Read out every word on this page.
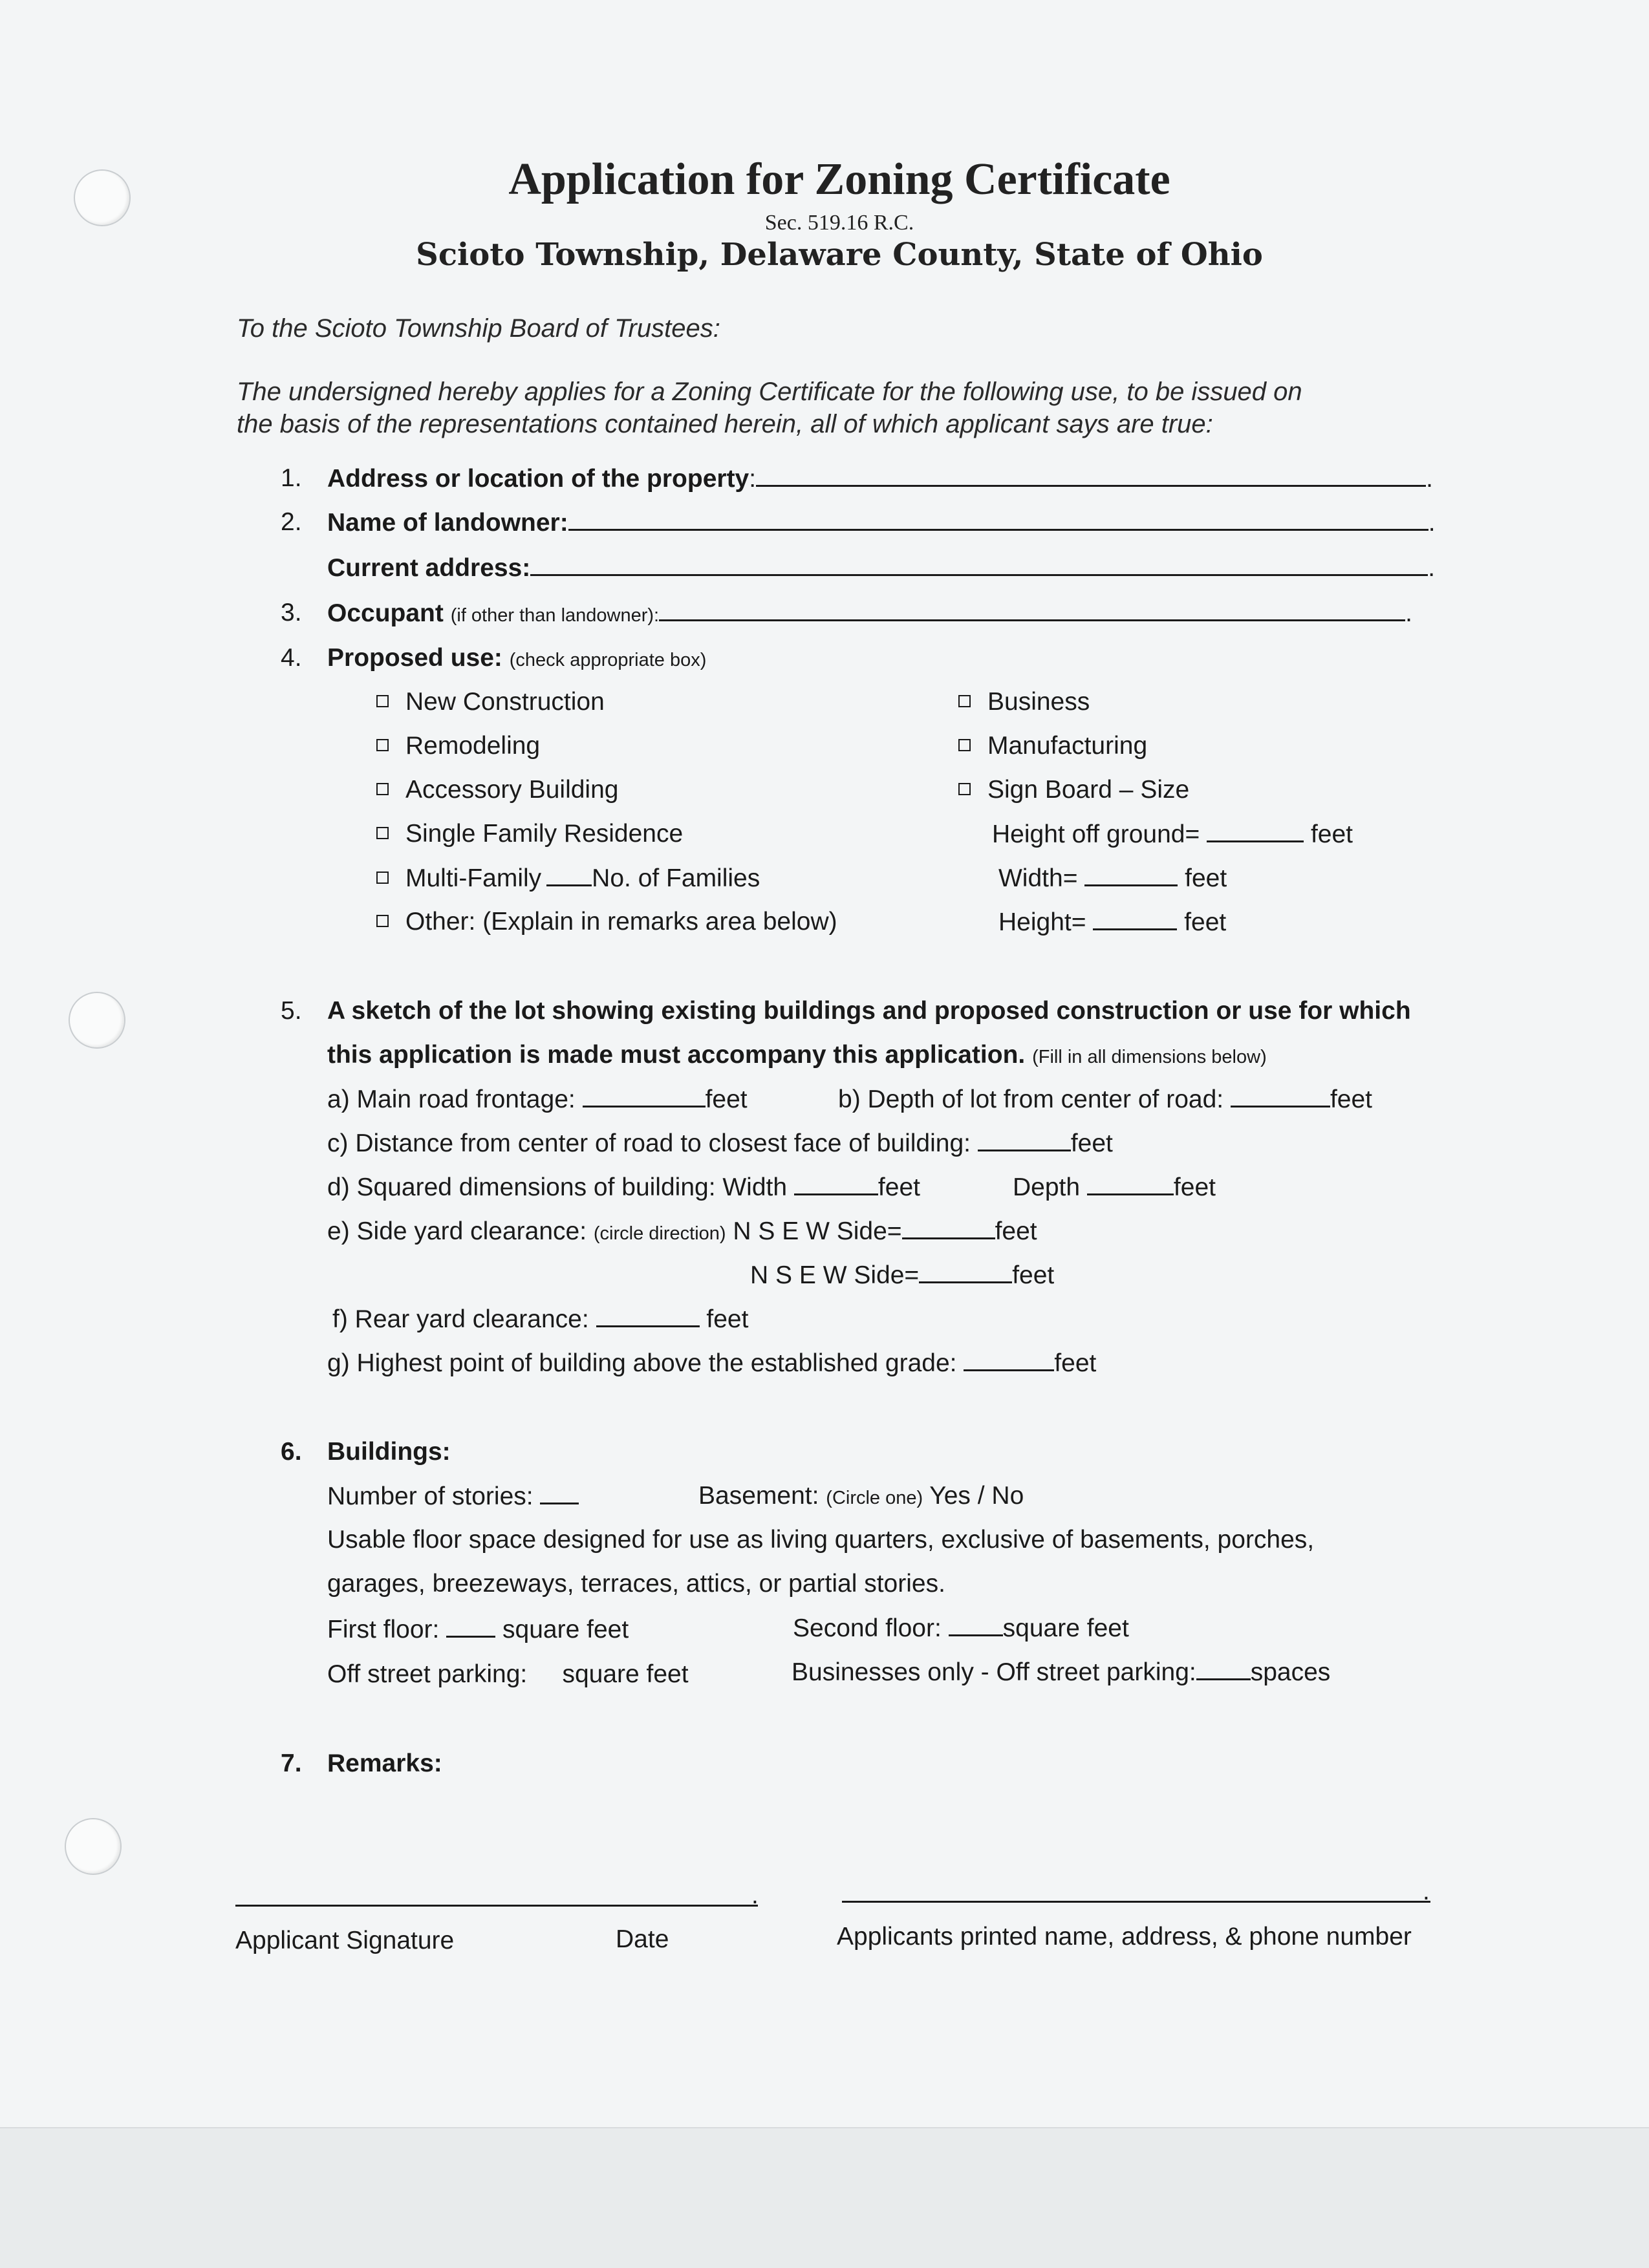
Application for Zoning Certificate
Sec. 519.16 R.C.
Scioto Township, Delaware County, State of Ohio
To the Scioto Township Board of Trustees:
The undersigned hereby applies for a Zoning Certificate for the following use, to be issued on
the basis of the representations contained herein, all of which applicant says are true:
1. Address or location of the property:	.
2. Name of landowner:	.
Current address:	.
3. Occupant (if other than landowner):	.
4. Proposed use: (check appropriate box)
New Construction
Remodeling
Accessory Building
Single Family Residence
Multi-Family No. of Families
Other: (Explain in remarks area below)
Business
Manufacturing
Sign Board – Size
Height off ground=	feet
Width=	feet
Height=	feet
5. A sketch of the lot showing existing buildings and proposed construction or use for which
this application is made must accompany this application. (Fill in all dimensions below)
a) Main road frontage:	feet	b) Depth of lot from center of road:	feet
c) Distance from center of road to closest face of building:	feet
d) Squared dimensions of building: Width	feet	Depth	feet
e) Side yard clearance: (circle direction) N S E W Side=	feet
N S E W Side=	feet
f) Rear yard clearance:	feet
g) Highest point of building above the established grade:	feet
6. Buildings:
Number of stories:	Basement: (Circle one) Yes / No
Usable floor space designed for use as living quarters, exclusive of basements, porches,
garages, breezeways, terraces, attics, or partial stories.
First floor:	square feet	Second floor: square feet
Off street parking: square feet	Businesses only - Off street parking: spaces
7. Remarks:
.	.
Applicant Signature	Date	Applicants printed name, address, & phone number
